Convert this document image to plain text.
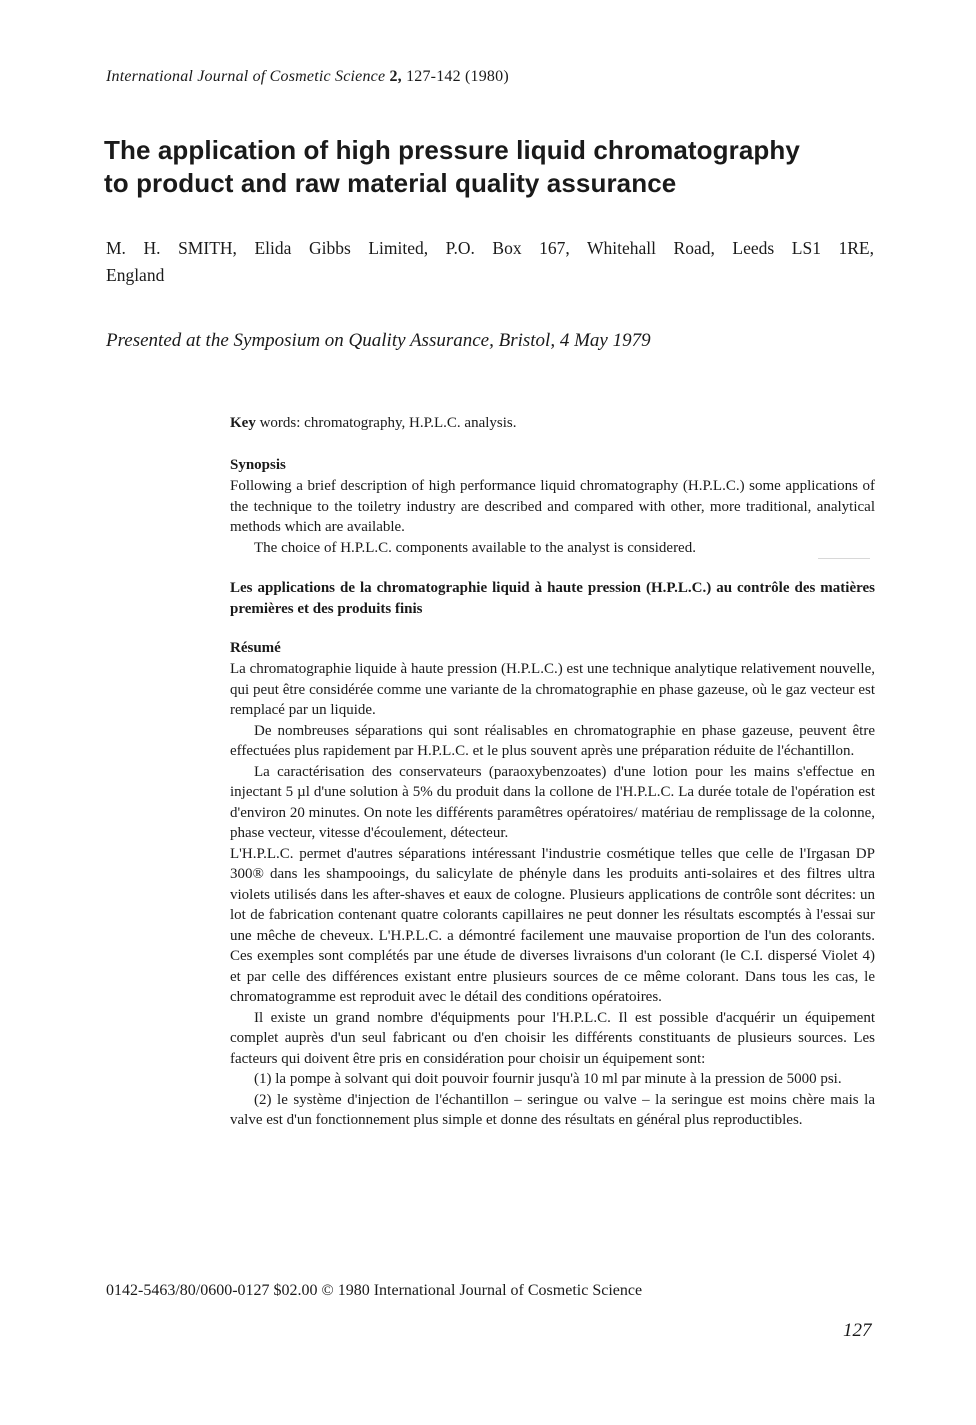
International Journal of Cosmetic Science 2, 127-142 (1980)
The application of high pressure liquid chromatography
to product and raw material quality assurance
M. H. SMITH, Elida Gibbs Limited, P.O. Box 167, Whitehall Road, Leeds LS1 1RE,
England
Presented at the Symposium on Quality Assurance, Bristol, 4 May 1979
Key words: chromatography, H.P.L.C. analysis.
Synopsis
Following a brief description of high performance liquid chromatography (H.P.L.C.) some applications of the technique to the toiletry industry are described and compared with other, more traditional, analytical methods which are available.
The choice of H.P.L.C. components available to the analyst is considered.
Les applications de la chromatographie liquid à haute pression (H.P.L.C.) au contrôle des matières premières et des produits finis
Résumé
La chromatographie liquide à haute pression (H.P.L.C.) est une technique analytique relativement nouvelle, qui peut être considérée comme une variante de la chromatographie en phase gazeuse, où le gaz vecteur est remplacé par un liquide.
De nombreuses séparations qui sont réalisables en chromatographie en phase gazeuse, peuvent être effectuées plus rapidement par H.P.L.C. et le plus souvent après une préparation réduite de l'échantillon.
La caractérisation des conservateurs (paraoxybenzoates) d'une lotion pour les mains s'effectue en injectant 5 µl d'une solution à 5% du produit dans la collone de l'H.P.L.C. La durée totale de l'opération est d'environ 20 minutes. On note les différents paramêtres opératoires/ matériau de remplissage de la colonne, phase vecteur, vitesse d'écoulement, détecteur.
L'H.P.L.C. permet d'autres séparations intéressant l'industrie cosmétique telles que celle de l'Irgasan DP 300® dans les shampooings, du salicylate de phényle dans les produits anti-solaires et des filtres ultra violets utilisés dans les after-shaves et eaux de cologne. Plusieurs applications de contrôle sont décrites: un lot de fabrication contenant quatre colorants capillaires ne peut donner les résultats escomptés à l'essai sur une mêche de cheveux. L'H.P.L.C. a démontré facilement une mauvaise proportion de l'un des colorants. Ces exemples sont complétés par une étude de diverses livraisons d'un colorant (le C.I. dispersé Violet 4) et par celle des différences existant entre plusieurs sources de ce même colorant. Dans tous les cas, le chromatogramme est reproduit avec le détail des conditions opératoires.
Il existe un grand nombre d'équipments pour l'H.P.L.C. Il est possible d'acquérir un équipement complet auprès d'un seul fabricant ou d'en choisir les différents constituants de plusieurs sources. Les facteurs qui doivent être pris en considération pour choisir un équipement sont:
(1) la pompe à solvant qui doit pouvoir fournir jusqu'à 10 ml par minute à la pression de 5000 psi.
(2) le système d'injection de l'échantillon – seringue ou valve – la seringue est moins chère mais la valve est d'un fonctionnement plus simple et donne des résultats en général plus reproductibles.
0142-5463/80/0600-0127 $02.00 © 1980 International Journal of Cosmetic Science
127
